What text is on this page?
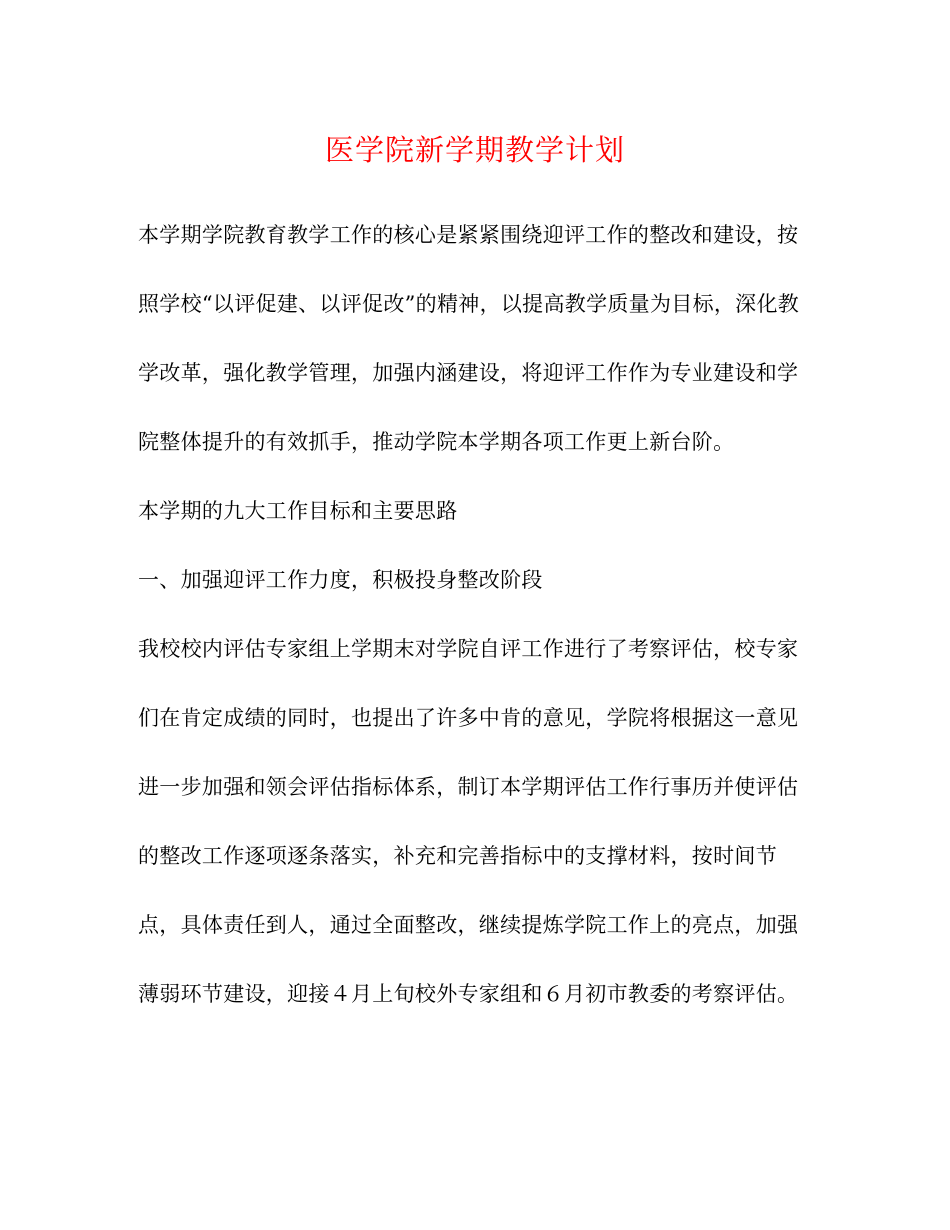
医学院新学期教学计划

本学期学院教育教学工作的核心是紧紧围绕迎评工作的整改和建设，按

照学校“以评促建、以评促改”的精神，以提高教学质量为目标，深化教

学改革，强化教学管理，加强内涵建设，将迎评工作作为专业建设和学

院整体提升的有效抓手，推动学院本学期各项工作更上新台阶。

本学期的九大工作目标和主要思路

一、加强迎评工作力度，积极投身整改阶段

我校校内评估专家组上学期末对学院自评工作进行了考察评估，校专家

们在肯定成绩的同时，也提出了许多中肯的意见，学院将根据这一意见

进一步加强和领会评估指标体系，制订本学期评估工作行事历并使评估

的整改工作逐项逐条落实，补充和完善指标中的支撑材料，按时间节

点，具体责任到人，通过全面整改，继续提炼学院工作上的亮点，加强

薄弱环节建设，迎接４月上旬校外专家组和６月初市教委的考察评估。
